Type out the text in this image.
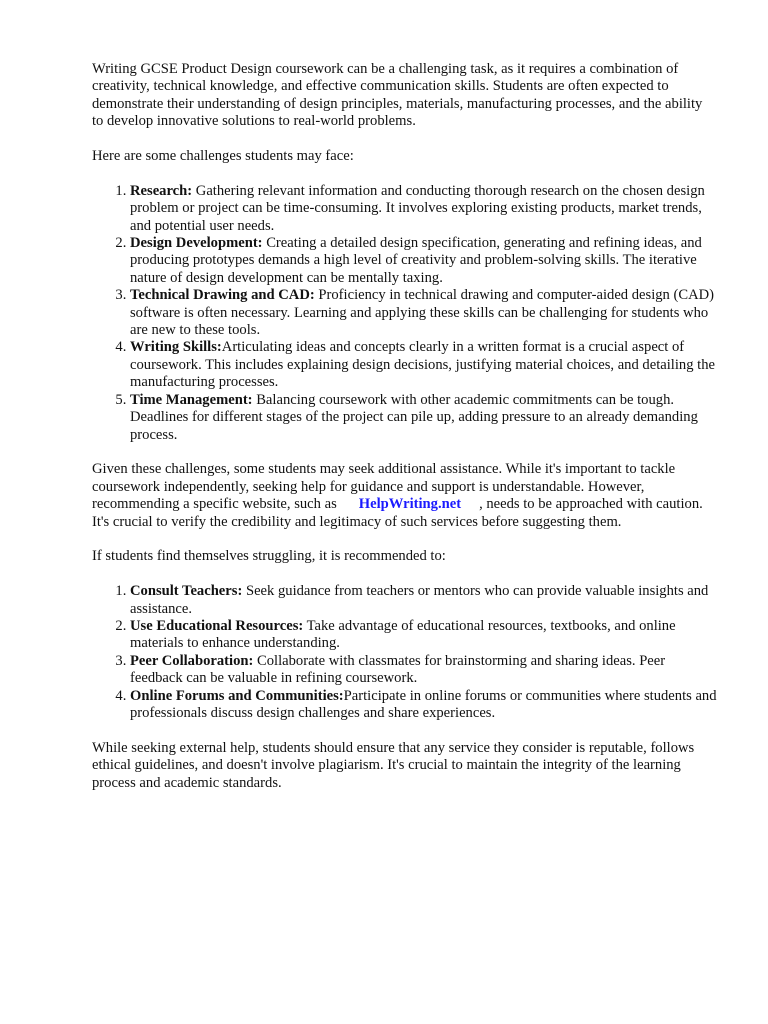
Writing GCSE Product Design coursework can be a challenging task, as it requires a combination of creativity, technical knowledge, and effective communication skills. Students are often expected to demonstrate their understanding of design principles, materials, manufacturing processes, and the ability to develop innovative solutions to real-world problems.

Here are some challenges students may face:

1. Research: Gathering relevant information and conducting thorough research on the chosen design problem or project can be time-consuming. It involves exploring existing products, market trends, and potential user needs.
2. Design Development: Creating a detailed design specification, generating and refining ideas, and producing prototypes demands a high level of creativity and problem-solving skills. The iterative nature of design development can be mentally taxing.
3. Technical Drawing and CAD: Proficiency in technical drawing and computer-aided design (CAD) software is often necessary. Learning and applying these skills can be challenging for students who are new to these tools.
4. Writing Skills:Articulating ideas and concepts clearly in a written format is a crucial aspect of coursework. This includes explaining design decisions, justifying material choices, and detailing the manufacturing processes.
5. Time Management: Balancing coursework with other academic commitments can be tough. Deadlines for different stages of the project can pile up, adding pressure to an already demanding process.

Given these challenges, some students may seek additional assistance. While it's important to tackle coursework independently, seeking help for guidance and support is understandable. However, recommending a specific website, such as HelpWriting.net , needs to be approached with caution. It's crucial to verify the credibility and legitimacy of such services before suggesting them.

If students find themselves struggling, it is recommended to:

1. Consult Teachers: Seek guidance from teachers or mentors who can provide valuable insights and assistance.
2. Use Educational Resources: Take advantage of educational resources, textbooks, and online materials to enhance understanding.
3. Peer Collaboration: Collaborate with classmates for brainstorming and sharing ideas. Peer feedback can be valuable in refining coursework.
4. Online Forums and Communities:Participate in online forums or communities where students and professionals discuss design challenges and share experiences.

While seeking external help, students should ensure that any service they consider is reputable, follows ethical guidelines, and doesn't involve plagiarism. It's crucial to maintain the integrity of the learning process and academic standards.
